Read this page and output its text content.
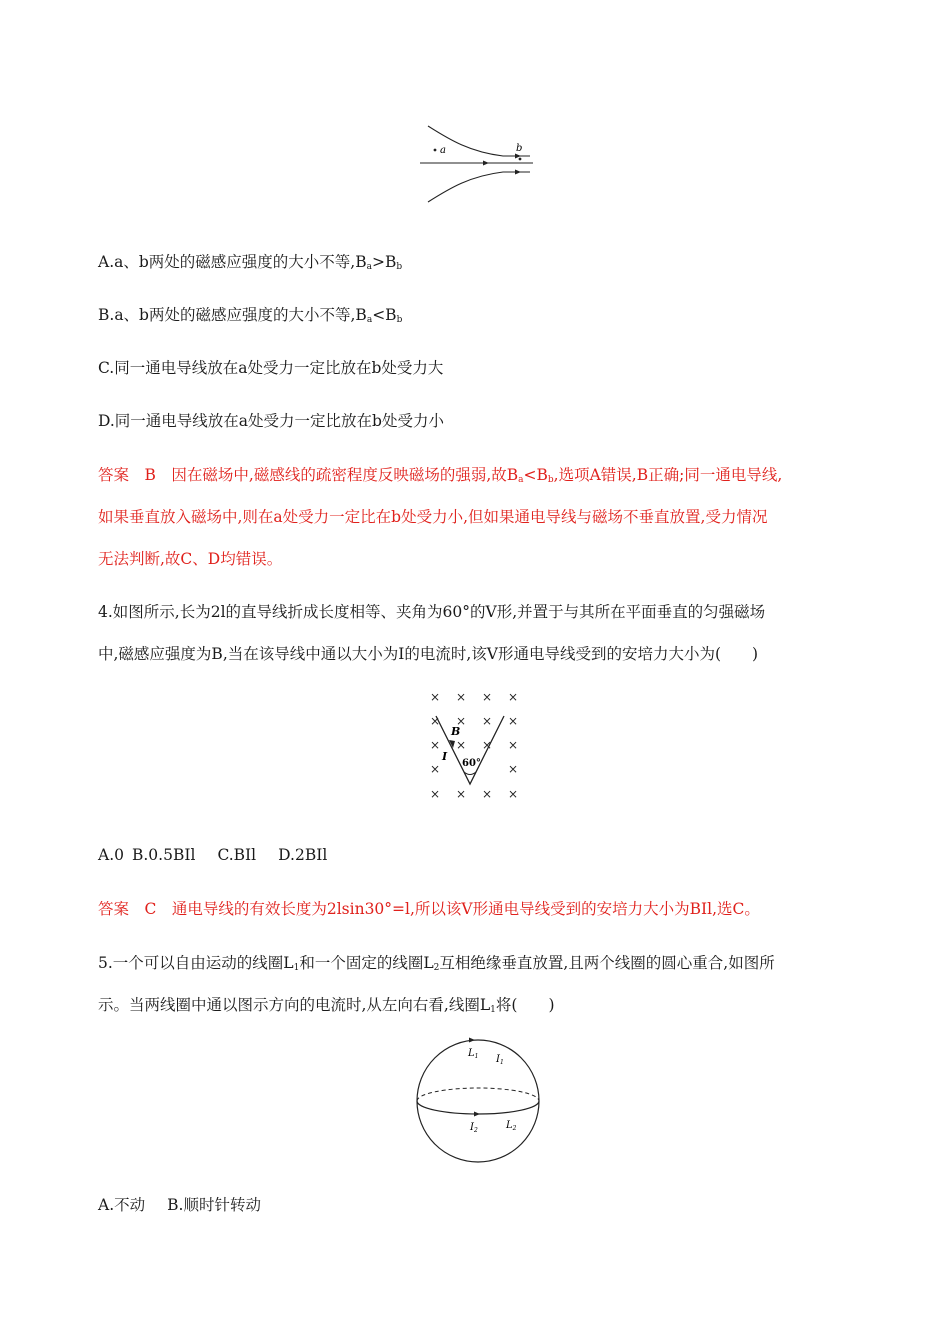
a	b
A.a、b两处的磁感应强度的大小不等$,B_a>B_b$
B.a、b两处的磁感应强度的大小不等$,B_a<B_b$
C.同一通电导线放在a处受力一定比放在b处受力大
D.同一通电导线放在a处受力一定比放在b处受力小
答案　B　因在磁场中,磁感线的疏密程度反映磁场的强弱,故$B_a<B_b$,选项A错误,B正确;同一通电导线,
如果垂直放入磁场中,则在a处受力一定比在b处受力小,但如果通电导线与磁场不垂直放置,受力情况
无法判断,故C、D均错误。
4.如图所示,长为2l的直导线折成长度相等、夹角为60°的V形,并置于与其所在平面垂直的匀强磁场
中,磁感应强度为B,当在该导线中通以大小为I的电流时,该V形通电导线受到的安培力大小为(　　)
× × × ×
× × × ×
× × × ×
×	×
× × × ×
B
I
60°
A.0 B.0.5BIl C.BIl D.2BIl
答案　C　通电导线的有效长度为2lsin30°=l,所以该V形通电导线受到的安培力大小为BIl,选C。
5.一个可以自由运动的线圈$L_1$和一个固定的线圈$L_2$互相绝缘垂直放置,且两个线圈的圆心重合,如图所
示。当两线圈中通以图示方向的电流时,从左向右看,线圈$L_1$将(　　)
$L_1$ $I_1$
$I_2$	$L_2$
A.不动 B.顺时针转动
